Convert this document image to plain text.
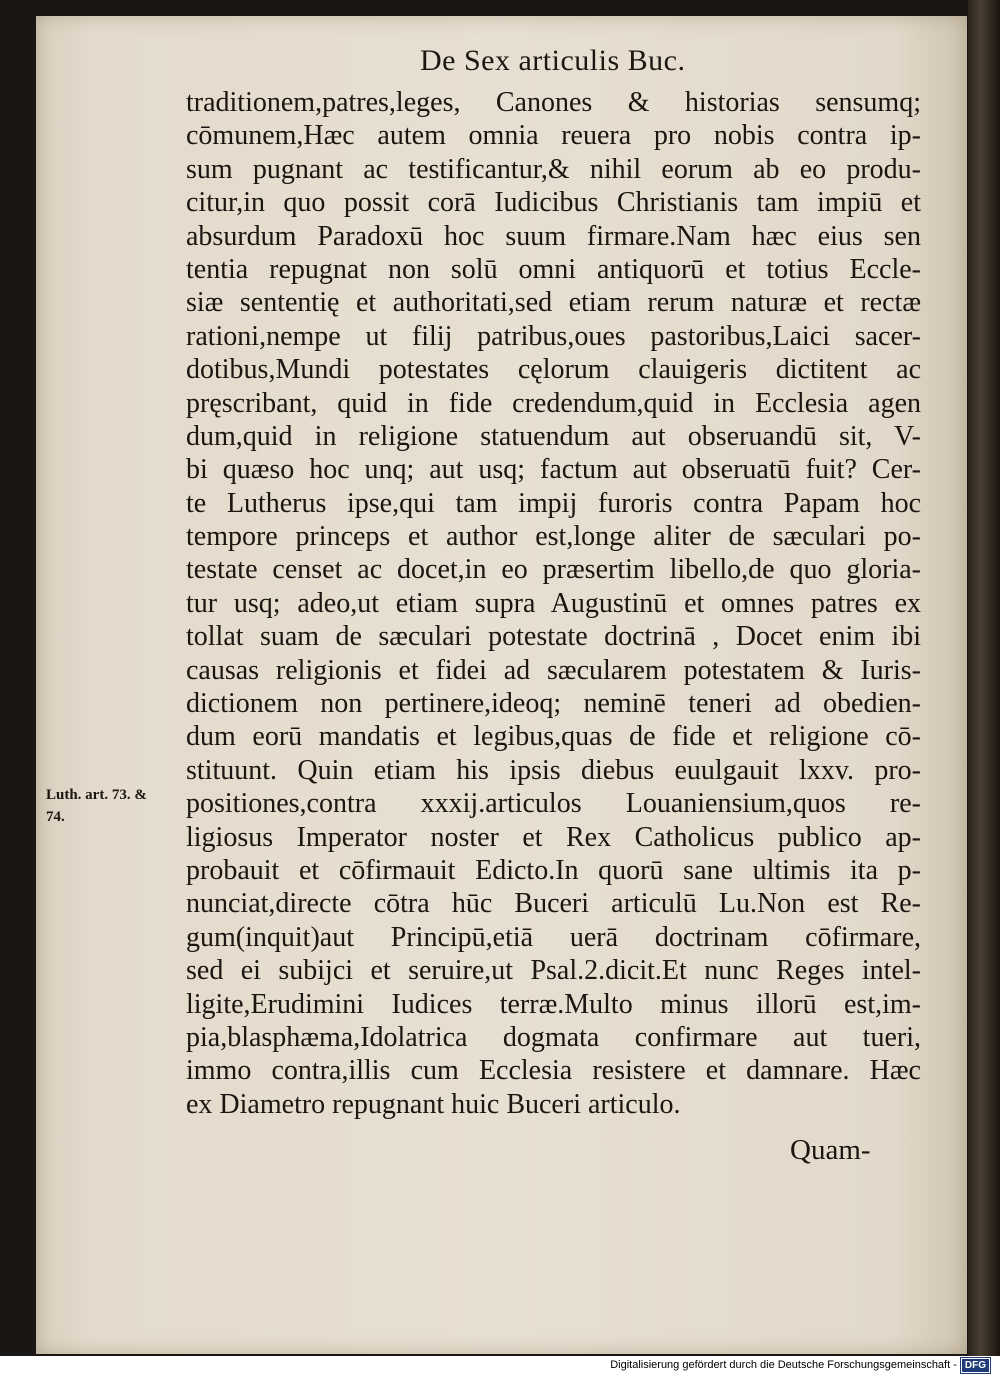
De Sex articulis Buc.
traditionem,patres,leges, Canones & historias sensumq;
cōmunem,Hæc autem omnia reuera pro nobis contra ip-
sum pugnant ac testificantur,& nihil eorum ab eo produ-
citur,in quo possit corā Iudicibus Christianis tam impiū et
absurdum Paradoxū hoc suum firmare.Nam hæc eius sen
tentia repugnat non solū omni antiquorū et totius Eccle-
siæ sententię et authoritati,sed etiam rerum naturæ et rectæ
rationi,nempe ut filij patribus,oues pastoribus,Laici sacer-
dotibus,Mundi potestates cęlorum clauigeris dictitent ac
pręscribant, quid in fide credendum,quid in Ecclesia agen
dum,quid in religione statuendum aut obseruandū sit, V-
bi quæso hoc unq; aut usq; factum aut obseruatū fuit? Cer-
te Lutherus ipse,qui tam impij furoris contra Papam hoc
tempore princeps et author est,longe aliter de sæculari po-
testate censet ac docet,in eo præsertim libello,de quo gloria-
tur usq; adeo,ut etiam supra Augustinū et omnes patres ex
tollat suam de sæculari potestate doctrinā , Docet enim ibi
causas religionis et fidei ad sæcularem potestatem & Iuris-
dictionem non pertinere,ideoq; neminē teneri ad obedien-
dum eorū mandatis et legibus,quas de fide et religione cō-
stituunt. Quin etiam his ipsis diebus euulgauit lxxv. pro-
positiones,contra xxxij.articulos Louaniensium,quos re-
ligiosus Imperator noster et Rex Catholicus publico ap-
probauit et cōfirmauit Edicto.In quorū sane ultimis ita p-
nunciat,directe cōtra hūc Buceri articulū Lu.Non est Re-
gum(inquit)aut Principū,etiā uerā doctrinam cōfirmare,
sed ei subijci et seruire,ut Psal.2.dicit.Et nunc Reges intel-
ligite,Erudimini Iudices terræ.Multo minus illorū est,im-
pia,blasphæma,Idolatrica dogmata confirmare aut tueri,
immo contra,illis cum Ecclesia resistere et damnare. Hæc
ex Diametro repugnant huic Buceri articulo.
Luth. art. 73. &
74.
Quam-
Digitalisierung gefördert durch die Deutsche Forschungsgemeinschaft - DFG
